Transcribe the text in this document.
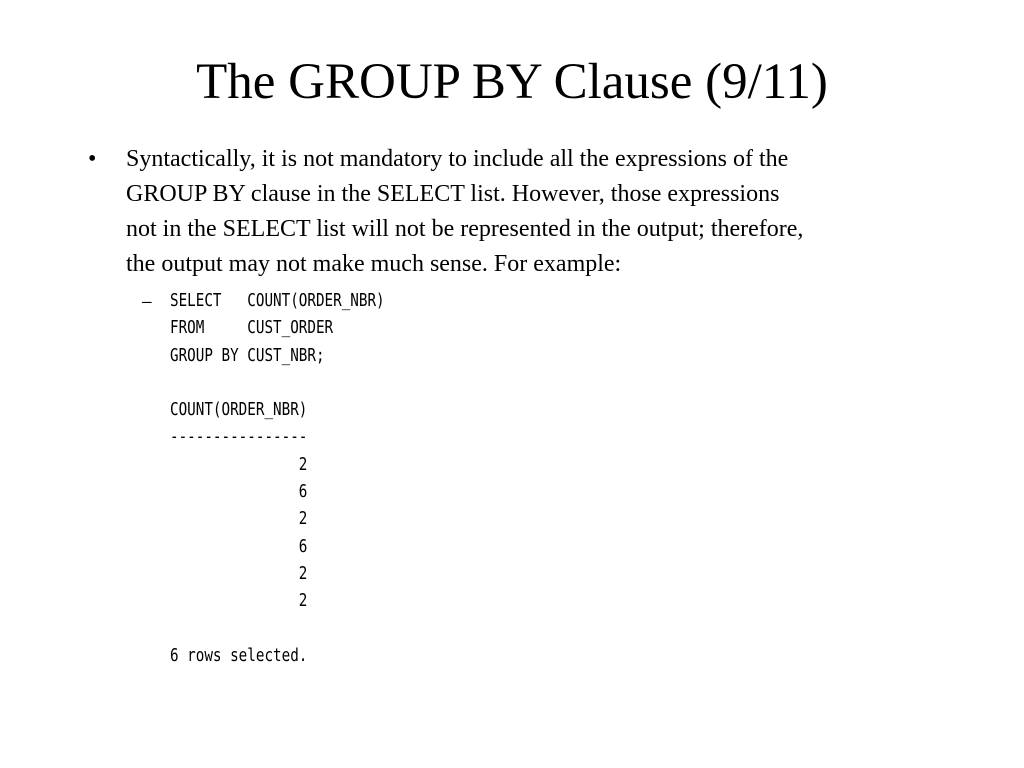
The GROUP BY Clause (9/11)
•	Syntactically, it is not mandatory to include all the expressions of the
GROUP BY clause in the SELECT list. However, those expressions
not in the SELECT list will not be represented in the output; therefore,
the output may not make much sense. For example:
–	SELECT   COUNT(ORDER_NBR)
FROM     CUST_ORDER
GROUP BY CUST_NBR;
COUNT(ORDER_NBR)
----------------
2
6
2
6
2
2
6 rows selected.
